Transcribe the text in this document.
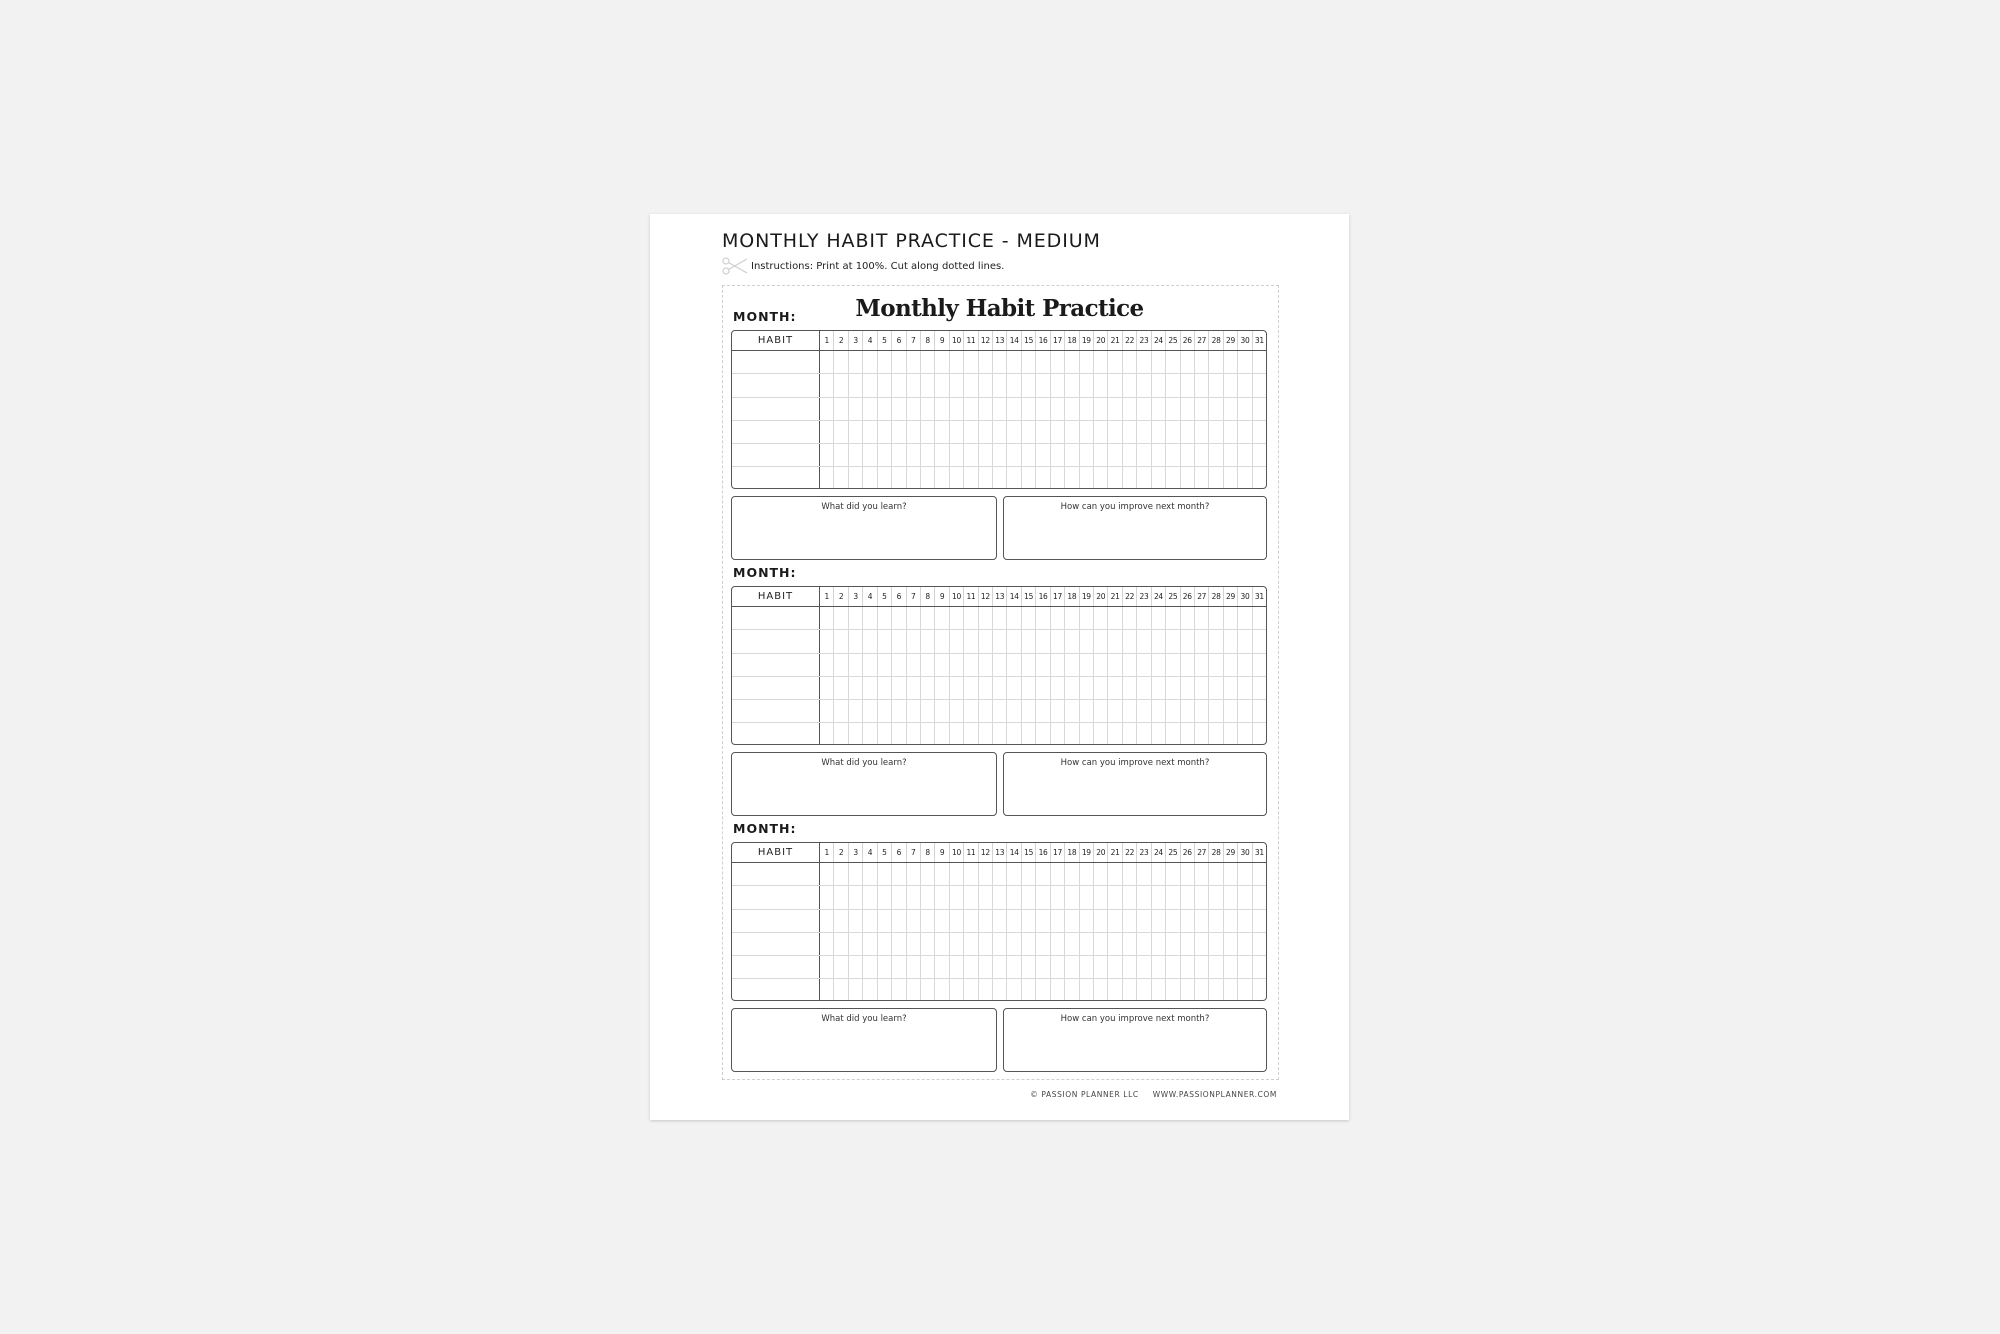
MONTHLY HABIT PRACTICE - MEDIUM
Instructions: Print at 100%. Cut along dotted lines.
Monthly Habit Practice
MONTH:
HABIT	1	2	3	4	5	6	7	8	9	10 11 12 13 14 15 16 17 18 19 20 21 22 23 24 25 26 27 28 29 30 31
What did you learn?	How can you improve next month?
MONTH:
HABIT	1	2	3	4	5	6	7	8	9	10 11 12 13 14 15 16 17 18 19 20 21 22 23 24 25 26 27 28 29 30 31
What did you learn?	How can you improve next month?
MONTH:
HABIT	1	2	3	4	5	6	7	8	9	10 11 12 13 14 15 16 17 18 19 20 21 22 23 24 25 26 27 28 29 30 31
What did you learn?	How can you improve next month?
© PASSION PLANNER LLC WWW.PASSIONPLANNER.COM
